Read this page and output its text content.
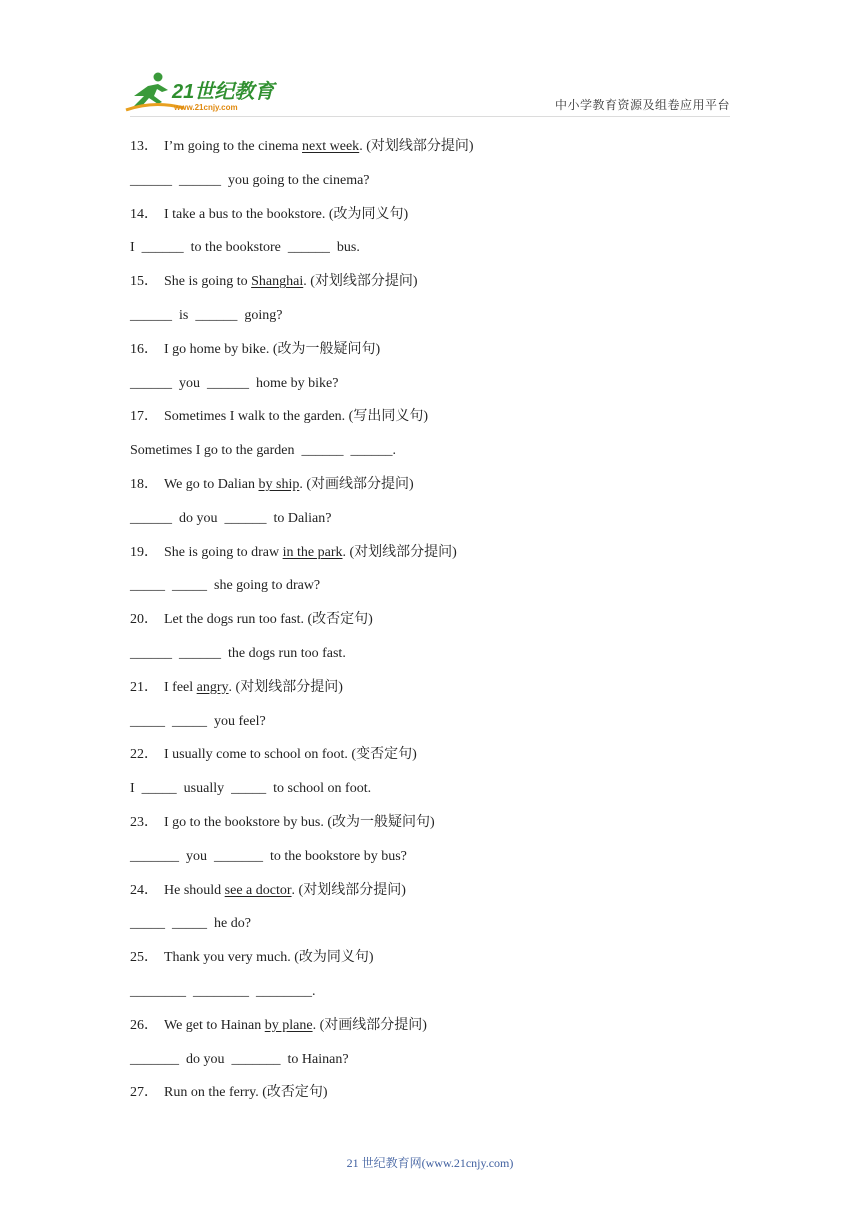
21世纪教育
www.21cnjy.com	中小学教育资源及组卷应用平台
13． I’m going to the cinema next week . (对划线部分提问)
______  ______  you going to the cinema?
14． I take a bus to the bookstore. (改为同义句)
I  ______  to the bookstore  ______  bus.
15． She is going to Shanghai . (对划线部分提问)
______  is  ______  going?
16． I go home by bike. (改为一般疑问句)
______  you  ______  home by bike?
17． Sometimes I walk to the garden. (写出同义句)
Sometimes I go to the garden  ______  ______.
18． We go to Dalian by ship . (对画线部分提问)
______  do you  ______  to Dalian?
19． She is going to draw in the park . (对划线部分提问)
_____  _____  she going to draw?
20． Let the dogs run too fast. (改否定句)
______  ______  the dogs run too fast.
21． I feel angry . (对划线部分提问)
_____  _____  you feel?
22． I usually come to school on foot. (变否定句)
I  _____  usually  _____  to school on foot.
23． I go to the bookstore by bus. (改为一般疑问句)
_______  you  _______  to the bookstore by bus?
24． He should see a doctor . (对划线部分提问)
_____  _____  he do?
25． Thank you very much. (改为同义句)
________  ________  ________.
26． We get to Hainan by plane . (对画线部分提问)
_______  do you  _______  to Hainan?
27． Run on the ferry. (改否定句)
21 世纪教育网(www.21cnjy.com)
